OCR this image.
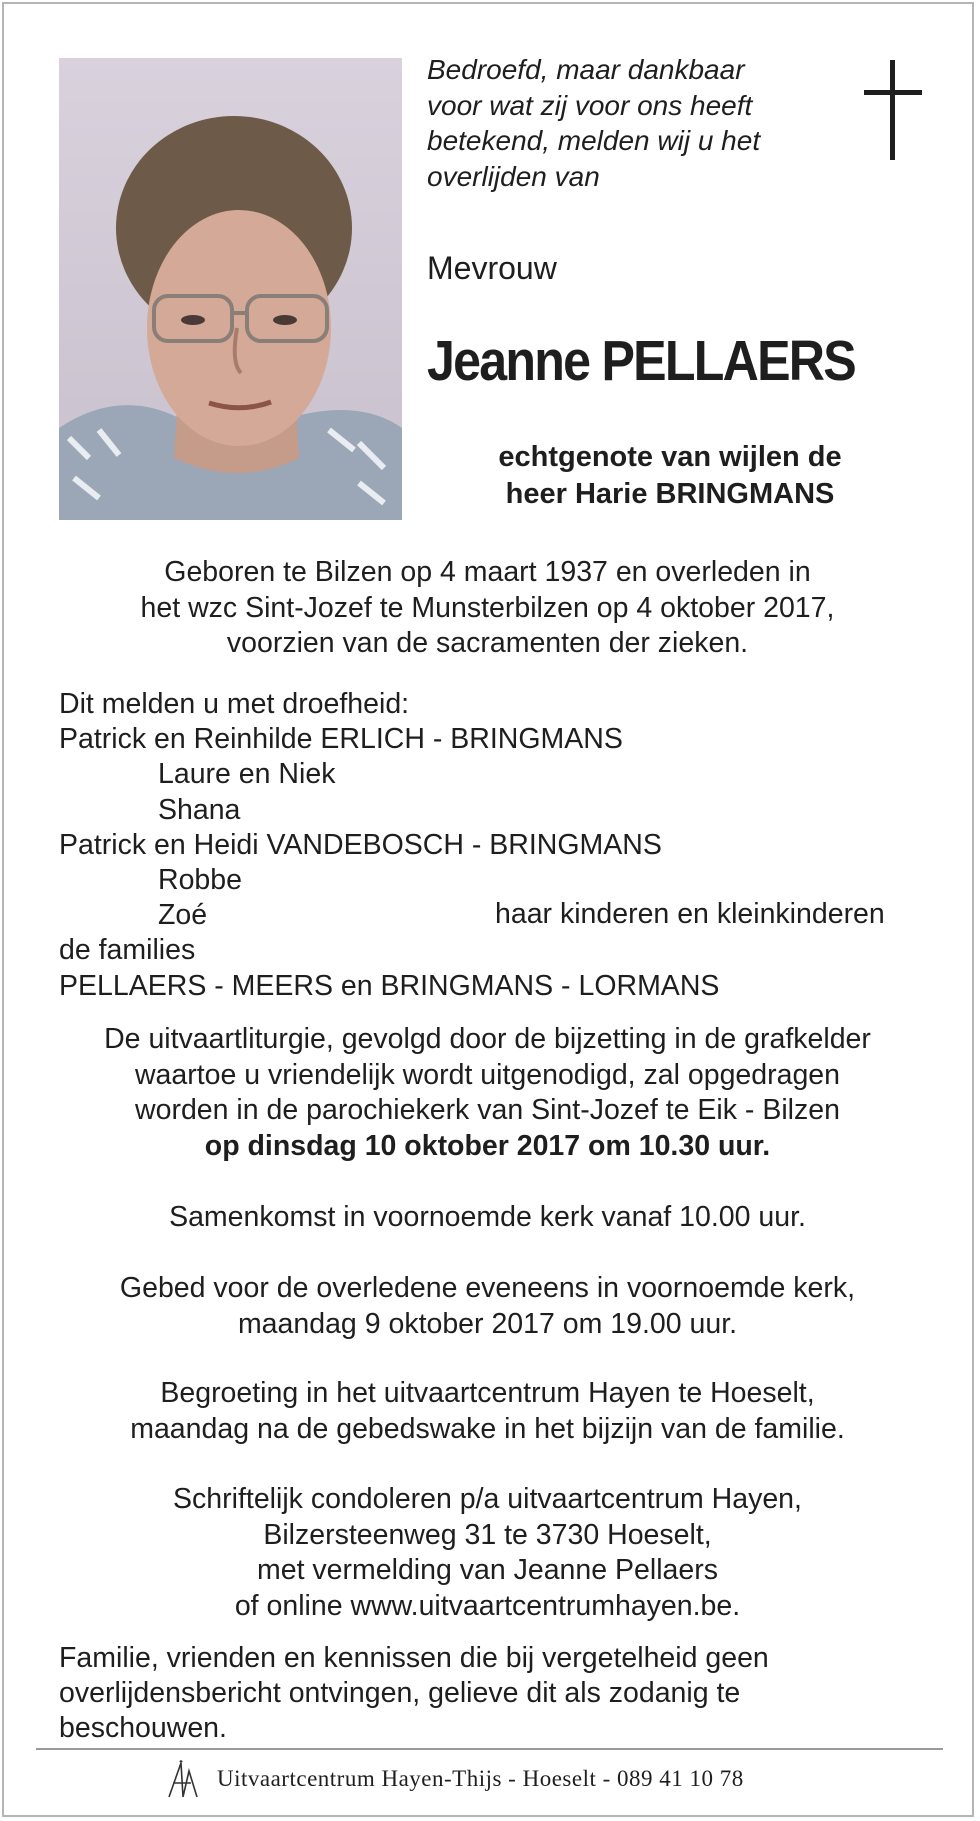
Bedroefd, maar dankbaar
voor wat zij voor ons heeft
betekend, melden wij u het
overlijden van
Mevrouw
Jeanne PELLAERS
echtgenote van wijlen de
heer Harie BRINGMANS
Geboren te Bilzen op 4 maart 1937 en overleden in
het wzc Sint-Jozef te Munsterbilzen op 4 oktober 2017,
voorzien van de sacramenten der zieken.
Dit melden u met droefheid:
Patrick en Reinhilde ERLICH - BRINGMANS
Laure en Niek
Shana
Patrick en Heidi VANDEBOSCH - BRINGMANS
Robbe
Zoé
de families
PELLAERS - MEERS en BRINGMANS - LORMANS
haar kinderen en kleinkinderen
De uitvaartliturgie, gevolgd door de bijzetting in de grafkelder
waartoe u vriendelijk wordt uitgenodigd, zal opgedragen
worden in de parochiekerk van Sint-Jozef te Eik - Bilzen
op dinsdag 10 oktober 2017 om 10.30 uur.
Samenkomst in voornoemde kerk vanaf 10.00 uur.
Gebed voor de overledene eveneens in voornoemde kerk,
maandag 9 oktober 2017 om 19.00 uur.
Begroeting in het uitvaartcentrum Hayen te Hoeselt,
maandag na de gebedswake in het bijzijn van de familie.
Schriftelijk condoleren p/a uitvaartcentrum Hayen,
Bilzersteenweg 31 te 3730 Hoeselt,
met vermelding van Jeanne Pellaers
of online www.uitvaartcentrumhayen.be.
Familie, vrienden en kennissen die bij vergetelheid geen
overlijdensbericht ontvingen, gelieve dit als zodanig te
beschouwen.
Uitvaartcentrum Hayen-Thijs - Hoeselt - 089 41 10 78
